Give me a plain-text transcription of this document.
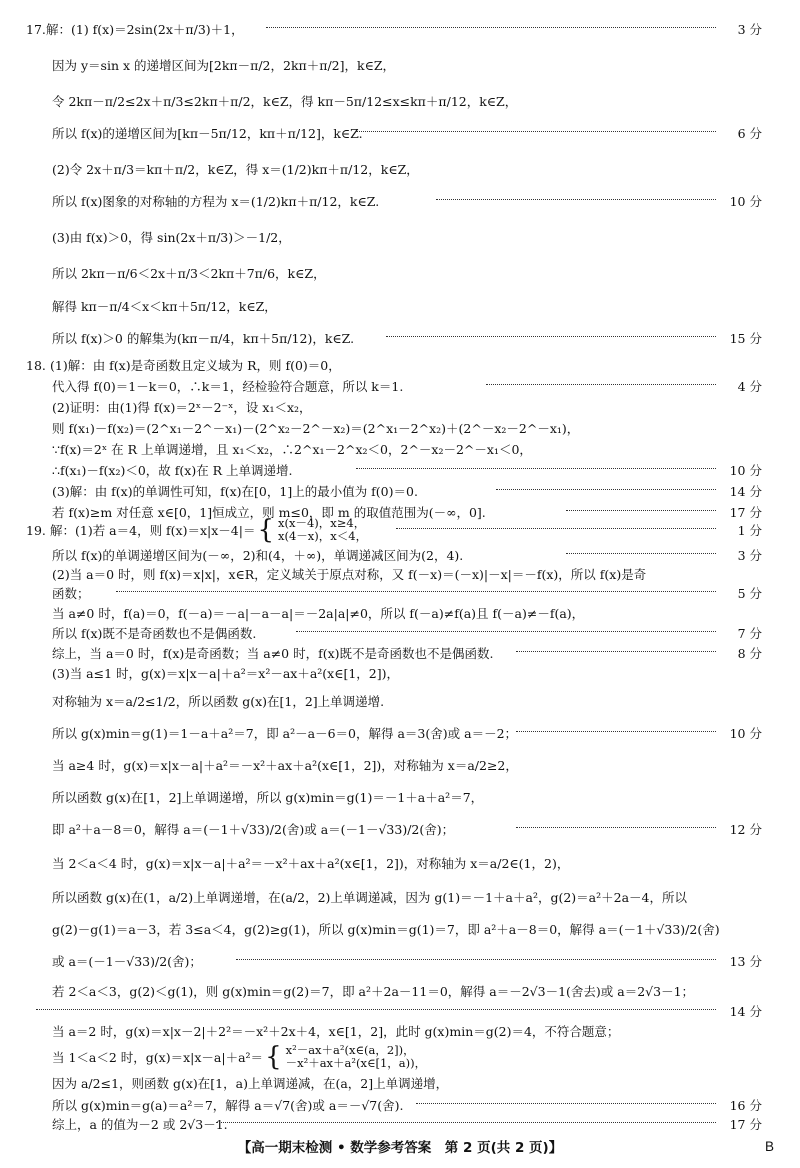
17. 解：(1) f(x)＝2sin(2x＋π/3)＋1，	3 分
因为 y＝sin x 的递增区间为[2kπ－π/2，2kπ＋π/2]，k∈Z，
令 2kπ－π/2≤2x＋π/3≤2kπ＋π/2，k∈Z，得 kπ－5π/12≤x≤kπ＋π/12，k∈Z，
所以 f(x)的递增区间为[kπ－5π/12，kπ＋π/12]，k∈Z.	6 分
(2)令 2x＋π/3＝kπ＋π/2，k∈Z，得 x＝(1/2)kπ＋π/12，k∈Z，
所以 f(x)图象的对称轴的方程为 x＝(1/2)kπ＋π/12，k∈Z.	10 分
(3)由 f(x)＞0，得 sin(2x＋π/3)＞－1/2，
所以 2kπ－π/6＜2x＋π/3＜2kπ＋7π/6，k∈Z，
解得 kπ－π/4＜x＜kπ＋5π/12，k∈Z，
所以 f(x)＞0 的解集为(kπ－π/4，kπ＋5π/12)，k∈Z.	15 分
18. (1)解：由 f(x)是奇函数且定义域为 R，则 f(0)＝0，
代入得 f(0)＝1－k＝0，∴k＝1，经检验符合题意，所以 k＝1.	4 分
(2)证明：由(1)得 f(x)＝2ˣ－2⁻ˣ，设 x₁＜x₂，
则 f(x₁)－f(x₂)＝(2^x₁－2^－x₁)－(2^x₂－2^－x₂)＝(2^x₁－2^x₂)＋(2^－x₂－2^－x₁)，
∵f(x)＝2ˣ 在 R 上单调递增，且 x₁＜x₂，∴2^x₁－2^x₂＜0，2^－x₂－2^－x₁＜0，
∴f(x₁)－f(x₂)＜0，故 f(x)在 R 上单调递增.	10 分
(3)解：由 f(x)的单调性可知，f(x)在[0，1]上的最小值为 f(0)＝0.	14 分
若 f(x)≥m 对任意 x∈[0，1]恒成立，则 m≤0，即 m 的取值范围为(－∞，0].	17 分
19. 解：(1)若 a＝4，则 f(x)＝x|x－4|＝ { x(x－4)，x≥4，
x(4－x)，x＜4，	1 分
所以 f(x)的单调递增区间为(－∞，2)和(4，＋∞)，单调递减区间为(2，4).	3 分
(2)当 a＝0 时，则 f(x)＝x|x|，x∈R，定义域关于原点对称，又 f(－x)＝(－x)|－x|＝－f(x)，所以 f(x)是奇
函数；	5 分
当 a≠0 时，f(a)＝0，f(－a)＝－a|－a－a|＝－2a|a|≠0，所以 f(－a)≠f(a)且 f(－a)≠－f(a)，
所以 f(x)既不是奇函数也不是偶函数.	7 分
综上，当 a＝0 时，f(x)是奇函数；当 a≠0 时，f(x)既不是奇函数也不是偶函数.	8 分
(3)当 a≤1 时，g(x)＝x|x－a|＋a²＝x²－ax＋a²(x∈[1，2])，
对称轴为 x＝a/2≤1/2，所以函数 g(x)在[1，2]上单调递增.
所以 g(x)min＝g(1)＝1－a＋a²＝7，即 a²－a－6＝0，解得 a＝3(舍)或 a＝－2；	10 分
当 a≥4 时，g(x)＝x|x－a|＋a²＝－x²＋ax＋a²(x∈[1，2])，对称轴为 x＝a/2≥2，
所以函数 g(x)在[1，2]上单调递增，所以 g(x)min＝g(1)＝－1＋a＋a²＝7，
即 a²＋a－8＝0，解得 a＝(－1＋√33)/2(舍)或 a＝(－1－√33)/2(舍)；	12 分
当 2＜a＜4 时，g(x)＝x|x－a|＋a²＝－x²＋ax＋a²(x∈[1，2])，对称轴为 x＝a/2∈(1，2)，
所以函数 g(x)在(1，a/2)上单调递增，在(a/2，2)上单调递减，因为 g(1)＝－1＋a＋a²，g(2)＝a²＋2a－4，所以
g(2)－g(1)＝a－3，若 3≤a＜4，g(2)≥g(1)，所以 g(x)min＝g(1)＝7，即 a²＋a－8＝0，解得 a＝(－1＋√33)/2(舍)
或 a＝(－1－√33)/2(舍)；	13 分
若 2＜a＜3，g(2)＜g(1)，则 g(x)min＝g(2)＝7，即 a²＋2a－11＝0，解得 a＝－2√3－1(舍去)或 a＝2√3－1；
14 分
当 a＝2 时，g(x)＝x|x－2|＋2²＝－x²＋2x＋4，x∈[1，2]，此时 g(x)min＝g(2)＝4，不符合题意；
当 1＜a＜2 时，g(x)＝x|x－a|＋a²＝ { x²－ax＋a²(x∈(a，2])，
－x²＋ax＋a²(x∈[1，a))，
因为 a/2≤1，则函数 g(x)在[1，a)上单调递减，在(a，2]上单调递增，
所以 g(x)min＝g(a)＝a²＝7，解得 a＝√7(舍)或 a＝－√7(舍).	16 分
综上，a 的值为－2 或 2√3－1.	17 分
【高一期末检测 • 数学参考答案　第 2 页(共 2 页)】	B
